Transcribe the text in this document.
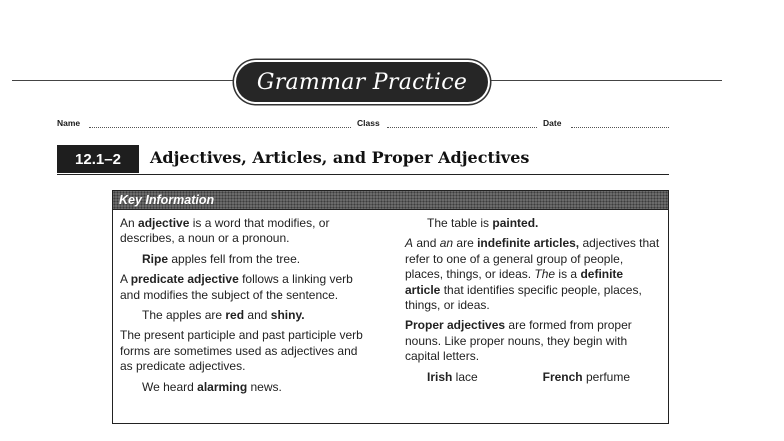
Grammar Practice
Name	Class	Date
12.1–2	Adjectives, Articles, and Proper Adjectives
Key Information

An adjective is a word that modifies, or describes, a noun or a pronoun.

Ripe apples fell from the tree.

A predicate adjective follows a linking verb and modifies the subject of the sentence.

The apples are red and shiny.

The present participle and past participle verb forms are sometimes used as adjectives and as predicate adjectives.

We heard alarming news.

The table is painted.

A and an are indefinite articles, adjectives that refer to one of a general group of people, places, things, or ideas. The is a definite article that identifies specific people, places, things, or ideas.

Proper adjectives are formed from proper nouns. Like proper nouns, they begin with capital letters.

Irish lace	French perfume
